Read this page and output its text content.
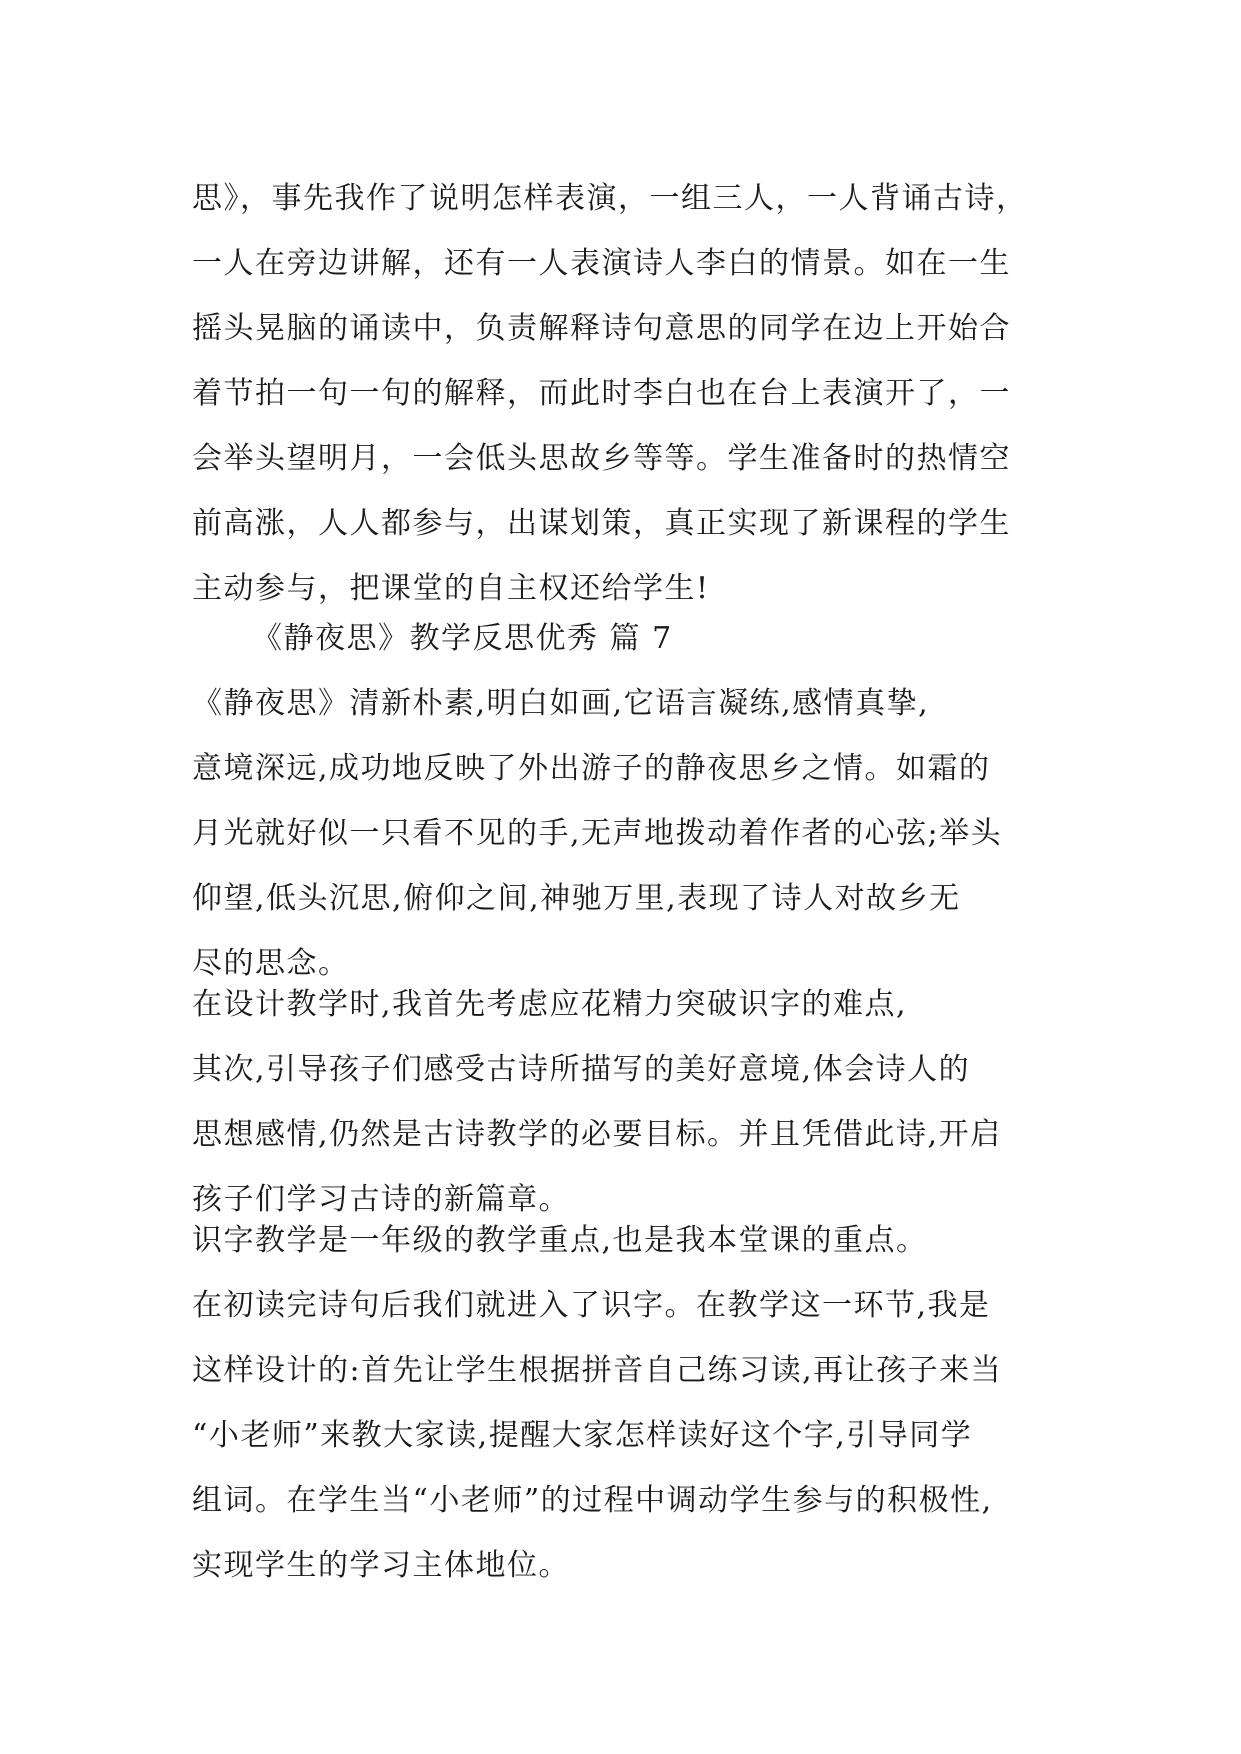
思》，事先我作了说明怎样表演，一组三人，一人背诵古诗，
一人在旁边讲解，还有一人表演诗人李白的情景。如在一生
摇头晃脑的诵读中，负责解释诗句意思的同学在边上开始合
着节拍一句一句的解释，而此时李白也在台上表演开了，一
会举头望明月，一会低头思故乡等等。学生准备时的热情空
前高涨，人人都参与，出谋划策，真正实现了新课程的学生
主动参与，把课堂的自主权还给学生!
《静夜思》教学反思优秀 篇 7
《静夜思》清新朴素,明白如画,它语言凝练,感情真挚,
意境深远,成功地反映了外出游子的静夜思乡之情。如霜的
月光就好似一只看不见的手,无声地拨动着作者的心弦;举头
仰望,低头沉思,俯仰之间,神驰万里,表现了诗人对故乡无
尽的思念。
在设计教学时,我首先考虑应花精力突破识字的难点,
其次,引导孩子们感受古诗所描写的美好意境,体会诗人的
思想感情,仍然是古诗教学的必要目标。并且凭借此诗,开启
孩子们学习古诗的新篇章。
识字教学是一年级的教学重点,也是我本堂课的重点。
在初读完诗句后我们就进入了识字。在教学这一环节,我是
这样设计的:首先让学生根据拼音自己练习读,再让孩子来当
“小老师”来教大家读,提醒大家怎样读好这个字,引导同学
组词。在学生当“小老师”的过程中调动学生参与的积极性,
实现学生的学习主体地位。
